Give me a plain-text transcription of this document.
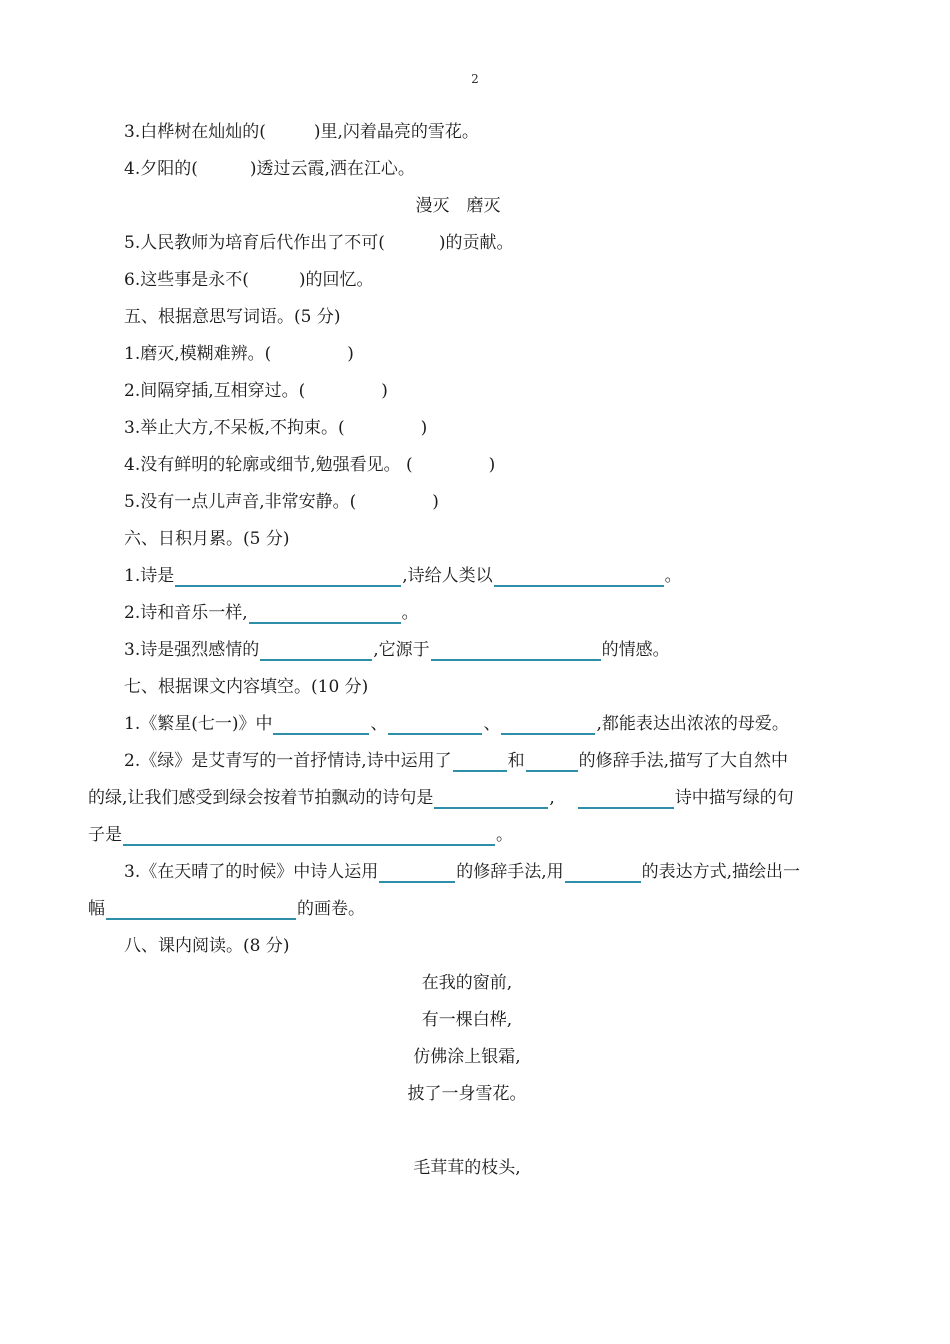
2
3.白桦树在灿灿的(	)里,闪着晶亮的雪花。
4.夕阳的(	)透过云霞,洒在江心。
漫灭　磨灭
5.人民教师为培育后代作出了不可(	)的贡献。
6.这些事是永不(	)的回忆。
五、根据意思写词语。(5 分)
1.磨灭,模糊难辨。(	)
2.间隔穿插,互相穿过。(	)
3.举止大方,不呆板,不拘束。(	)
4.没有鲜明的轮廓或细节,勉强看见。 (	)
5.没有一点儿声音,非常安静。(	)
六、日积月累。(5 分)
1.诗是	,诗给人类以	。
2.诗和音乐一样,	。
3.诗是强烈感情的	,它源于	的情感。
七、根据课文内容填空。(10 分)
1.《繁星(七一)》中	、	、	,都能表达出浓浓的母爱。
2.《绿》是艾青写的一首抒情诗,诗中运用了	和	的修辞手法,描写了大自然中
的绿,让我们感受到绿会按着节拍飘动的诗句是	,	诗中描写绿的句
子是	。
3.《在天晴了的时候》中诗人运用	的修辞手法,用	的表达方式,描绘出一
幅	的画卷。
八、课内阅读。(8 分)
在我的窗前,
有一棵白桦,
仿佛涂上银霜,
披了一身雪花。
毛茸茸的枝头,
